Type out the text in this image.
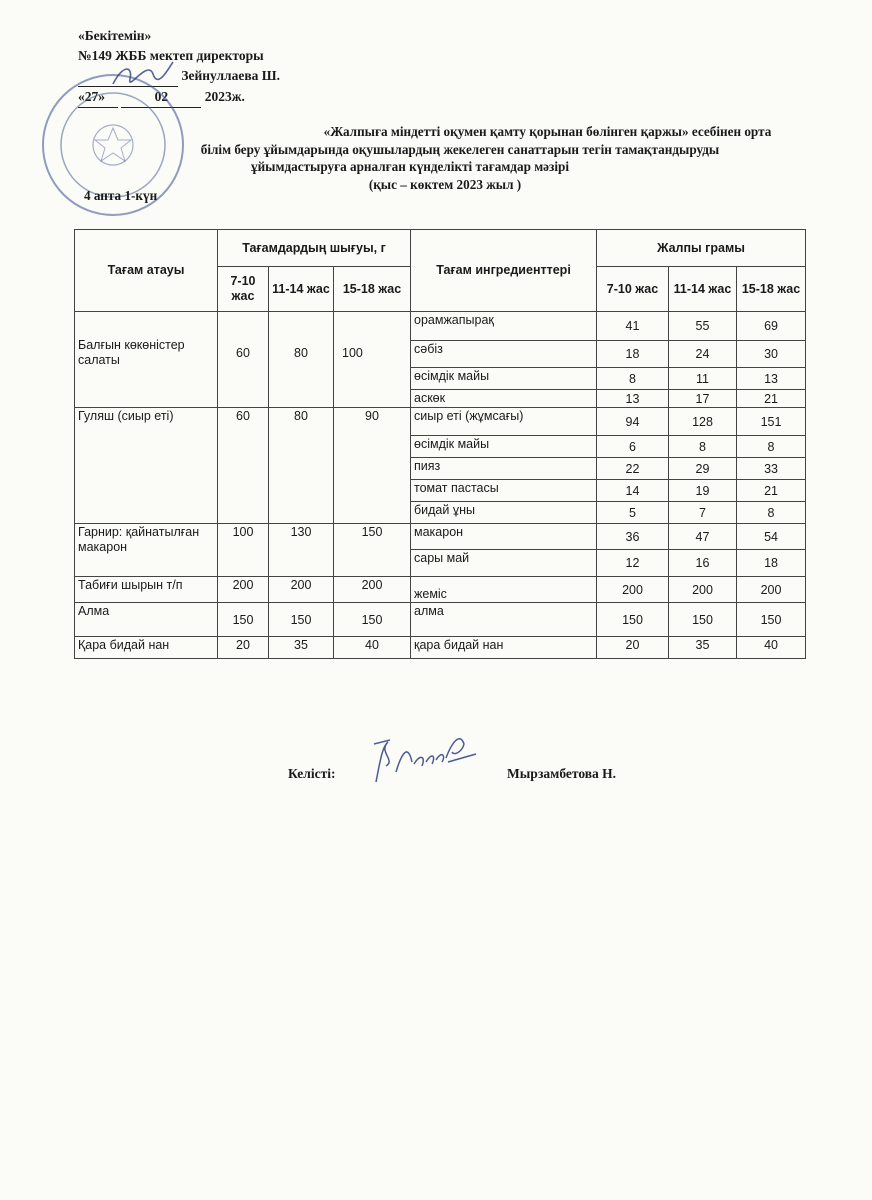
«Бекітемін»
№149 ЖББ мектеп директоры
Зейнуллаева Ш.
«27»	02	2023ж.
«Жалпыға міндетті оқумен қамту қорынан бөлінген қаржы» есебінен орта
білім беру ұйымдарында оқушылардың жекелеген санаттарын тегін тамақтандыруды
ұйымдастыруға арналған күнделікті тағамдар мәзірі
(қыс – көктем 2023 жыл )
4 апта 1-күн
Тағам атауы	Тағамдардың шығуы, г			Тағам ингредиенттері	Жалпы грамы		
	7-10 жас	11-14 жас	15-18 жас		7-10 жас	11-14 жас	15-18 жас
Балғын көкөністер салаты	60	80	100	орамжапырақ	41	55	69
				сәбіз	18	24	30
				өсімдік майы	8	11	13
				аскөк	13	17	21
Гуляш (сиыр еті)	60	80	90	сиыр еті (жұмсағы)	94	128	151
				өсімдік майы	6	8	8
				пияз	22	29	33
				томат пастасы	14	19	21
				бидай ұны	5	7	8
Гарнир: қайнатылған макарон	100	130	150	макарон	36	47	54
				сары май	12	16	18
Табиғи шырын т/п	200	200	200	жеміс	200	200	200
Алма	150	150	150	алма	150	150	150
Қара бидай нан	20	35	40	қара бидай нан	20	35	40
Келісті:	Мырзамбетова Н.
